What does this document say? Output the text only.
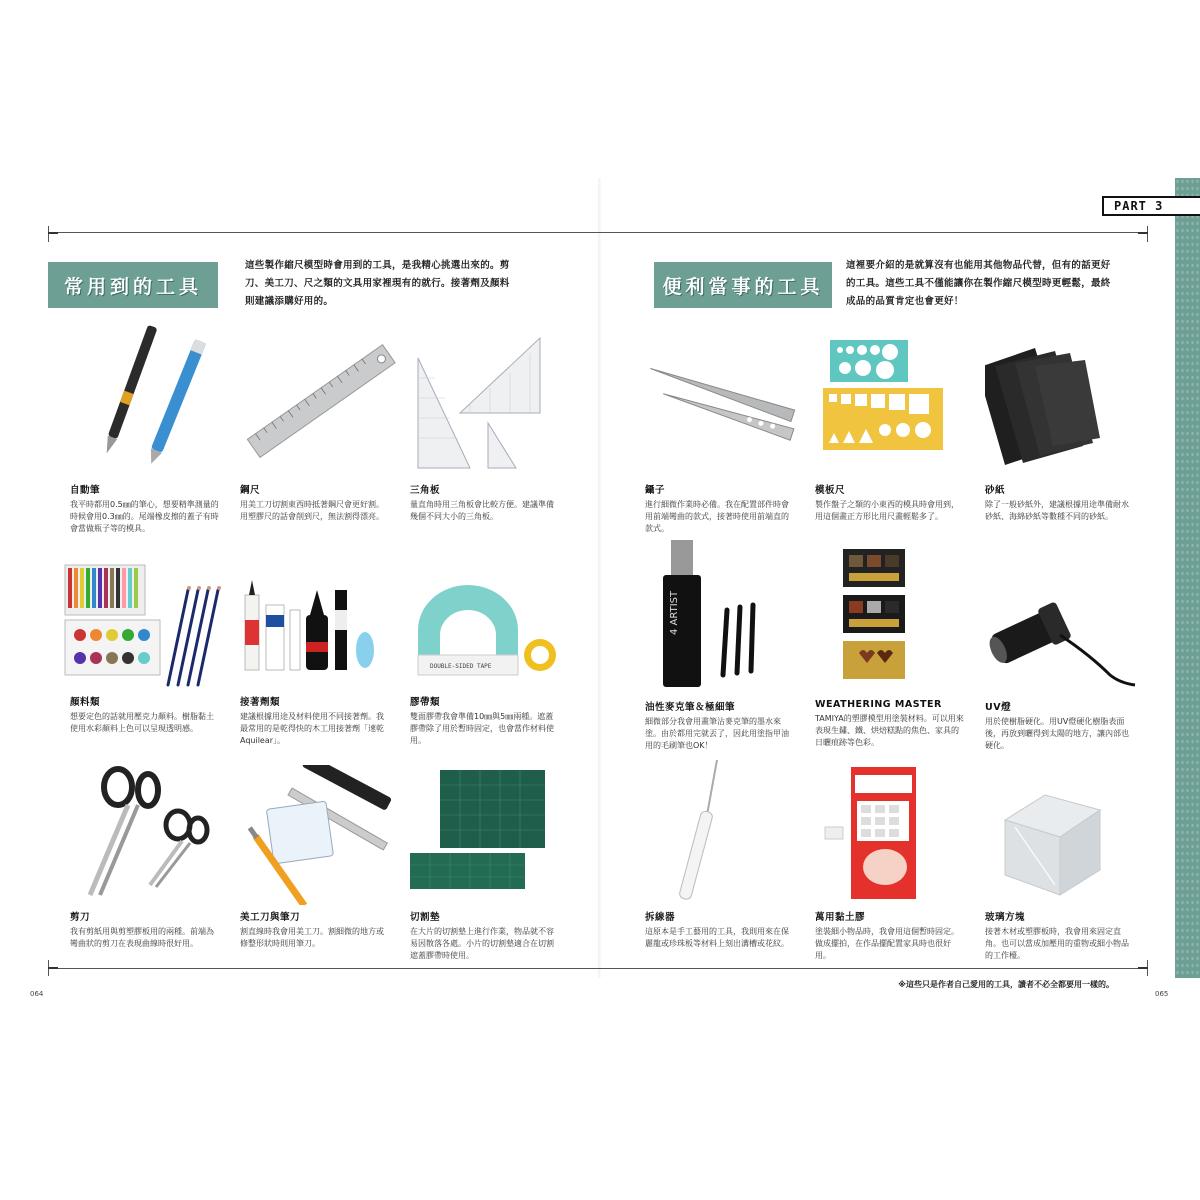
PART 3
常用到的工具
這些製作縮尺模型時會用到的工具，是我精心挑選出來的。剪
刀、美工刀、尺之類的文具用家裡現有的就行。接著劑及顏料
則建議添購好用的。
便利當事的工具
這裡要介紹的是就算沒有也能用其他物品代替，但有的話更好
的工具。這些工具不僅能讓你在製作縮尺模型時更輕鬆，最終
成品的品質肯定也會更好！
自動筆
我平時都用0.5㎜的筆心，想要精準測量的時候會用0.3㎜的。尾端橡皮擦的蓋子有時會當做瓶子等的模具。
鋼尺
用美工刀切割東西時抵著鋼尺會更好割。用塑膠尺的話會削到尺，無法割得漂亮。
三角板
量直角時用三角板會比較方便。建議準備幾個不同大小的三角板。
顏料類
想要定色的話就用壓克力顏料。樹脂黏土使用水彩顏料上色可以呈現透明感。
接著劑類
建議根據用途及材料使用不同接著劑。我最常用的是乾得快的木工用接著劑「速乾Aquilear」。
DOUBLE-SIDED TAPE
膠帶類
雙面膠帶我會準備10㎜與5㎜兩種。遮蓋膠帶除了用於暫時固定，也會當作材料使用。
剪刀
我有剪紙用與剪塑膠板用的兩種。前端為彎曲狀的剪刀在表現曲線時很好用。
美工刀與筆刀
割直線時我會用美工刀。割細微的地方或修整形狀時則用筆刀。
切割墊
在大片的切割墊上進行作業，物品就不容易因散落各處。小片的切割墊適合在切割遮蓋膠帶時使用。
鑷子
進行細微作業時必備。我在配置部件時會用前端彎曲的款式，接著時使用前端直的款式。
模板尺
製作盤子之類的小東西的模具時會用到，用這個畫正方形比用尺畫輕鬆多了。
砂紙
除了一般砂紙外，建議根據用途準備耐水砂紙、海綿砂紙等數種不同的砂紙。
4 ARTIST
油性麥克筆＆極細筆
細微部分我會用畫筆沾麥克筆的墨水來塗。由於都用完就丟了，因此用塗指甲油用的毛刷筆也OK！
WEATHERING MASTER
TAMIYA的塑膠模型用塗裝材料。可以用來表現生鏽、鐵、烘焙糕點的焦色、家具的日曬痕跡等色彩。
UV燈
用於使樹脂硬化。用UV燈硬化樹脂表面後，再放到曬得到太陽的地方，讓內部也硬化。
拆線器
這原本是手工藝用的工具，我則用來在保麗龍或珍珠板等材料上刻出溝槽或花紋。
萬用黏土膠
塗裝細小物品時，我會用這個暫時固定。做成擺拍，在作品擺配置家具時也很好用。
玻璃方塊
接著木材或塑膠板時，我會用來固定直角。也可以當成加壓用的重物或細小物品的工作檯。
064	065
※這些只是作者自己愛用的工具，讀者不必全都要用一樣的。
